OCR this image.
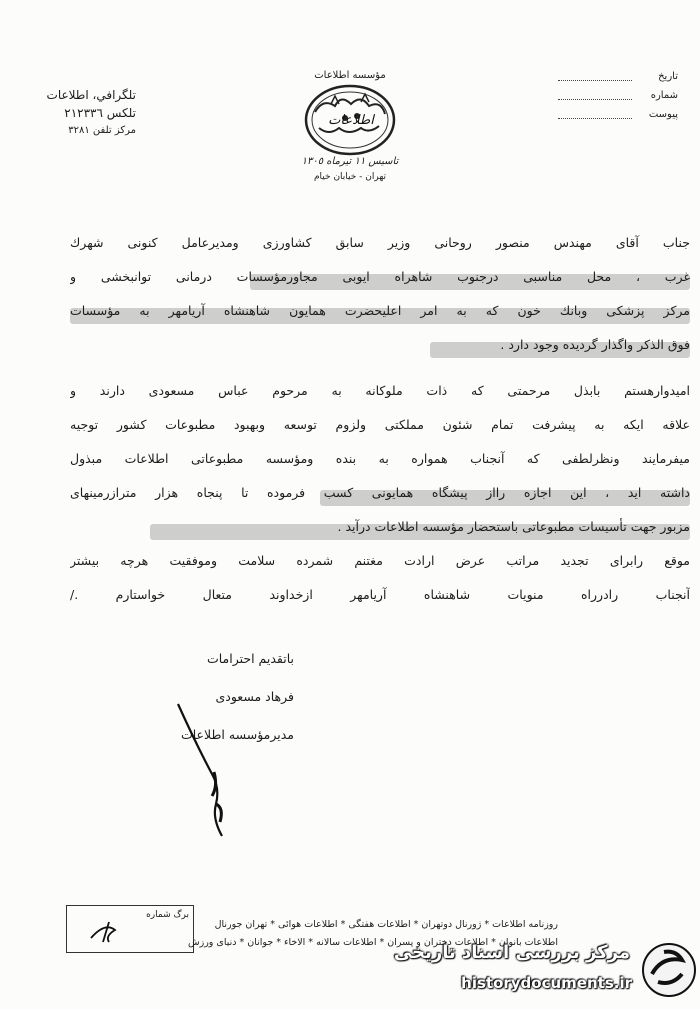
تلگرافي، اطلاعات
تلكس ٢١٢٣٣٦
مركز تلفن ٣٢٨١
تاريخ
شماره
پيوست
مؤسسه اطلاعات
اطلاعات
تاسيس ١١ تيرماه ١٣٠٥
تهران - خيابان خيام
جناب آقاى مهندس منصور روحانى وزير سابق كشاورزى ومديرعامل كنونى شهرك
غرب ، محل مناسبى درجنوب شاهراه ايوبى مجاورمؤسسات درمانى توانبخشى و
مركز پزشكى وبانك خون كه به امر اعليحضرت همايون شاهنشاه آريامهر به مؤسسات
فوق الذكر واگذار گرديده وجود دارد .
اميدوارهستم بابذل مرحمتى كه ذات ملوكانه به مرحوم عباس مسعودى دارند و
علاقه ايكه به پيشرفت تمام شئون مملكتى ولزوم توسعه وبهبود مطبوعات كشور توجيه
ميفرمايند ونظرلطفى كه آنجناب همواره به بنده ومؤسسه مطبوعاتى اطلاعات مبذول
داشته ايد ، اين اجازه رااز پيشگاه همايونى كسب فرموده تا پنجاه هزار مترازرمينهاى
مزبور جهت تأسيسات مطبوعاتى باستحضار مؤسسه اطلاعات درآيد .
موقع رابراى تجديد مراتب عرض ارادت مغتنم شمرده سلامت وموفقيت هرچه بيشتر
آنجناب رادرراه منويات شاهنشاه آريامهر ازخداوند متعال خواستارم ./
باتقديم احترامات
فرهاد مسعودى
مديرمؤسسه اطلاعات
برگ شماره
روزنامه اطلاعات * ژورنال دوتهران * اطلاعات هفتگى * اطلاعات هوائى * تهران جورنال
اطلاعات بانوان * اطلاعات دختران و پسران * اطلاعات سالانه * الاخاء * جوانان * دنياى ورزش
مركز بررسى اسناد تاريخى
historydocuments.ir
